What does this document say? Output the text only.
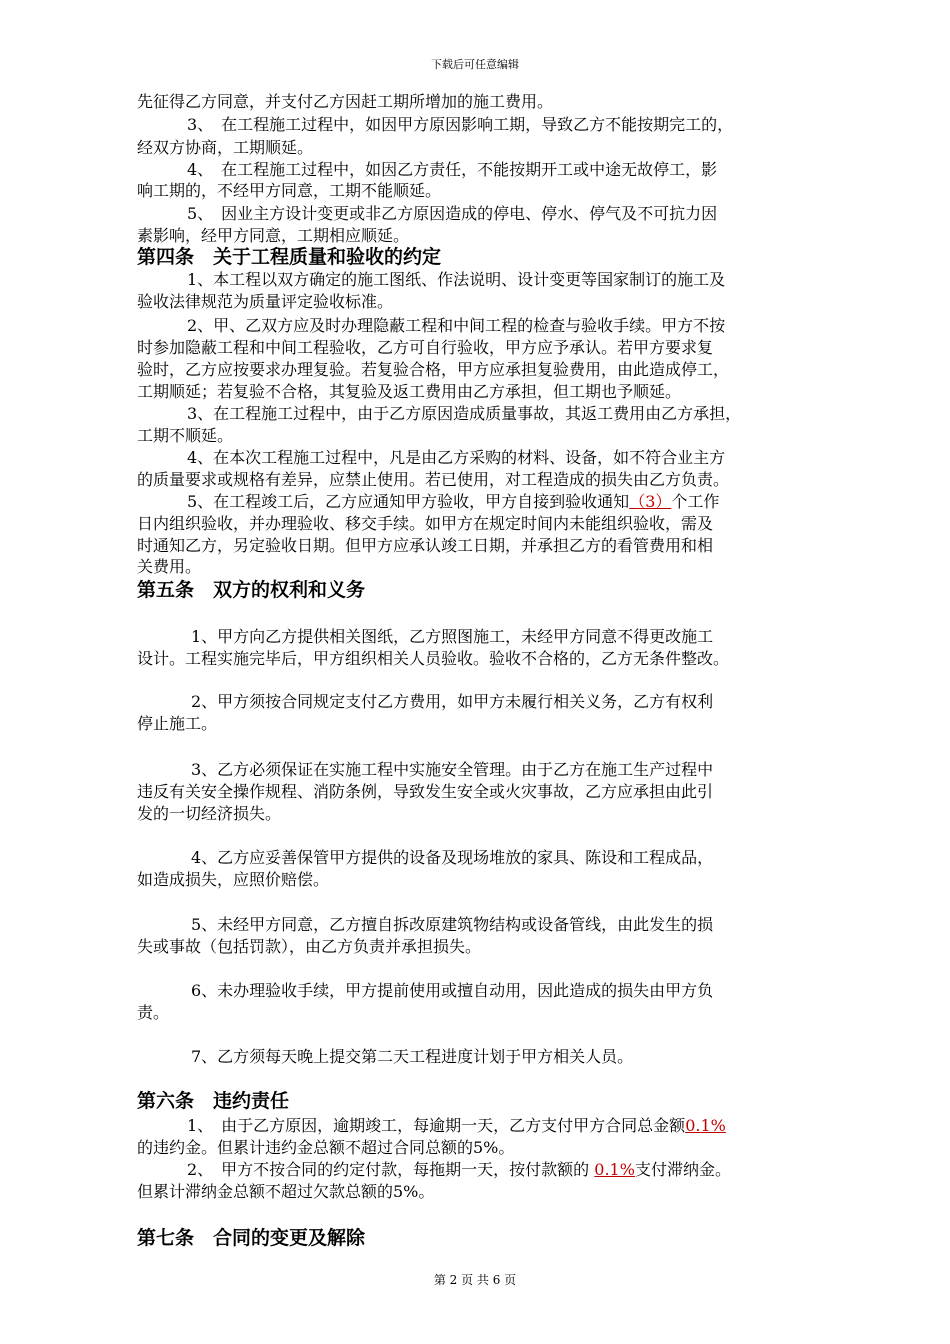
下载后可任意编辑
先征得乙方同意，并支付乙方因赶工期所增加的施工费用。
3、　在工程施工过程中，如因甲方原因影响工期，导致乙方不能按期完工的，
经双方协商，工期顺延。
4、　在工程施工过程中，如因乙方责任，不能按期开工或中途无故停工，影
响工期的，不经甲方同意，工期不能顺延。
5、　因业主方设计变更或非乙方原因造成的停电、停水、停气及不可抗力因
素影响，经甲方同意，工期相应顺延。
第四条　关于工程质量和验收的约定
1、本工程以双方确定的施工图纸、作法说明、设计变更等国家制订的施工及
验收法律规范为质量评定验收标准。
2、甲、乙双方应及时办理隐蔽工程和中间工程的检查与验收手续。甲方不按
时参加隐蔽工程和中间工程验收，乙方可自行验收，甲方应予承认。若甲方要求复
验时，乙方应按要求办理复验。若复验合格，甲方应承担复验费用，由此造成停工，
工期顺延；若复验不合格，其复验及返工费用由乙方承担，但工期也予顺延。
3、在工程施工过程中，由于乙方原因造成质量事故，其返工费用由乙方承担，
工期不顺延。
4、在本次工程施工过程中，凡是由乙方采购的材料、设备，如不符合业主方
的质量要求或规格有差异，应禁止使用。若已使用，对工程造成的损失由乙方负责。
5、在工程竣工后，乙方应通知甲方验收，甲方自接到验收通知（3）个工作
日内组织验收，并办理验收、移交手续。如甲方在规定时间内未能组织验收，需及
时通知乙方，另定验收日期。但甲方应承认竣工日期，并承担乙方的看管费用和相
关费用。
第五条　双方的权利和义务
1、甲方向乙方提供相关图纸，乙方照图施工，未经甲方同意不得更改施工
设计。工程实施完毕后，甲方组织相关人员验收。验收不合格的，乙方无条件整改。
2、甲方须按合同规定支付乙方费用，如甲方未履行相关义务，乙方有权利
停止施工。
3、乙方必须保证在实施工程中实施安全管理。由于乙方在施工生产过程中
违反有关安全操作规程、消防条例，导致发生安全或火灾事故，乙方应承担由此引
发的一切经济损失。
4、乙方应妥善保管甲方提供的设备及现场堆放的家具、陈设和工程成品，
如造成损失，应照价赔偿。
5、未经甲方同意，乙方擅自拆改原建筑物结构或设备管线，由此发生的损
失或事故（包括罚款），由乙方负责并承担损失。
6、未办理验收手续，甲方提前使用或擅自动用，因此造成的损失由甲方负
责。
7、乙方须每天晚上提交第二天工程进度计划于甲方相关人员。
第六条　违约责任
1、　由于乙方原因，逾期竣工，每逾期一天，乙方支付甲方合同总金额0.1%
的违约金。但累计违约金总额不超过合同总额的5%。
2、　甲方不按合同的约定付款，每拖期一天，按付款额的 0.1%支付滞纳金。
但累计滞纳金总额不超过欠款总额的5%。
第七条　合同的变更及解除
第 2 页 共 6 页
